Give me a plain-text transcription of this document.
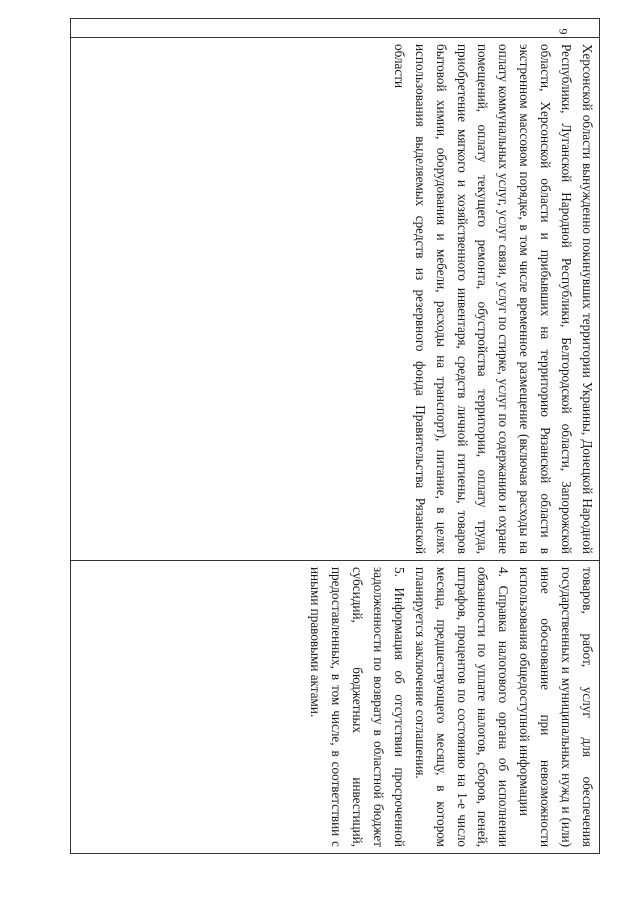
9

Херсонской области вынужденно покинувших территории Украины, Донецкой Народной Республики, Луганской Народной Республики, Белгородской области, Запорожской области, Херсонской области и прибывших на территорию Рязанской области в экстренном массовом порядке, в том числе временное размещение (включая расходы на оплату коммунальных услуг, услуг связи, услуг по стирке, услуг по содержанию и охране помещений, оплату текущего ремонта, обустройства территории, оплату труда, приобретение мягкого и хозяйственного инвентаря, средств личной гигиены, товаров бытовой химии, оборудования и мебели, расходы на транспорт), питание, в целях использования выделяемых средств из резервного фонда Правительства Рязанской области

товаров, работ, услуг для обеспечения государственных и муниципальных нужд и (или) иное обоснование при невозможности использования общедоступной информации

4. Справка налогового органа об исполнении обязанности по уплате налогов, сборов, пеней, штрафов, процентов по состоянию на 1-е число месяца, предшествующего месяцу, в котором планируется заключение соглашения.

5. Информация об отсутствии просроченной задолженности по возврату в областной бюджет субсидий, бюджетных инвестиций, предоставленных, в том числе, в соответствии с иными правовыми актами.
